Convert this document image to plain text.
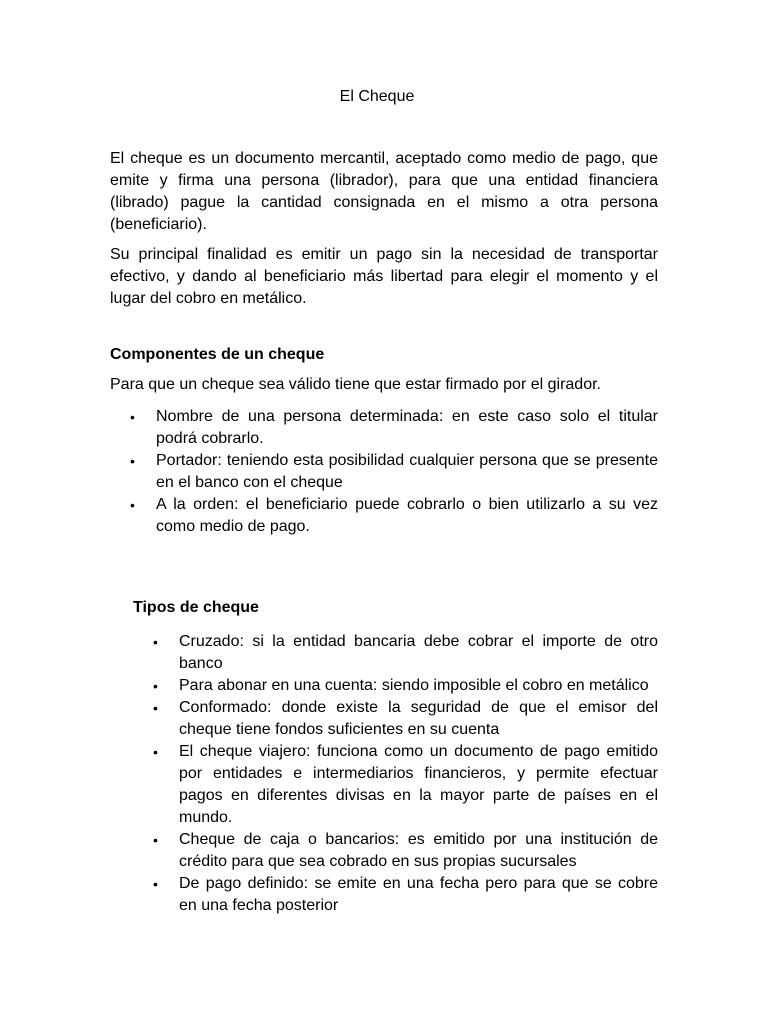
El Cheque

El cheque es un documento mercantil, aceptado como medio de pago, que emite y firma una persona (librador), para que una entidad financiera (librado) pague la cantidad consignada en el mismo a otra persona (beneficiario).

Su principal finalidad es emitir un pago sin la necesidad de transportar efectivo, y dando al beneficiario más libertad para elegir el momento y el lugar del cobro en metálico.

Componentes de un cheque

Para que un cheque sea válido tiene que estar firmado por el girador.

• Nombre de una persona determinada: en este caso solo el titular podrá cobrarlo.
• Portador: teniendo esta posibilidad cualquier persona que se presente en el banco con el cheque
• A la orden: el beneficiario puede cobrarlo o bien utilizarlo a su vez como medio de pago.
Tipos de cheque
• Cruzado: si la entidad bancaria debe cobrar el importe de otro banco
• Para abonar en una cuenta: siendo imposible el cobro en metálico
• Conformado: donde existe la seguridad de que el emisor del cheque tiene fondos suficientes en su cuenta
• El cheque viajero: funciona como un documento de pago emitido por entidades e intermediarios financieros, y permite efectuar pagos en diferentes divisas en la mayor parte de países en el mundo.
• Cheque de caja o bancarios: es emitido por una institución de crédito para que sea cobrado en sus propias sucursales
• De pago definido: se emite en una fecha pero para que se cobre en una fecha posterior
